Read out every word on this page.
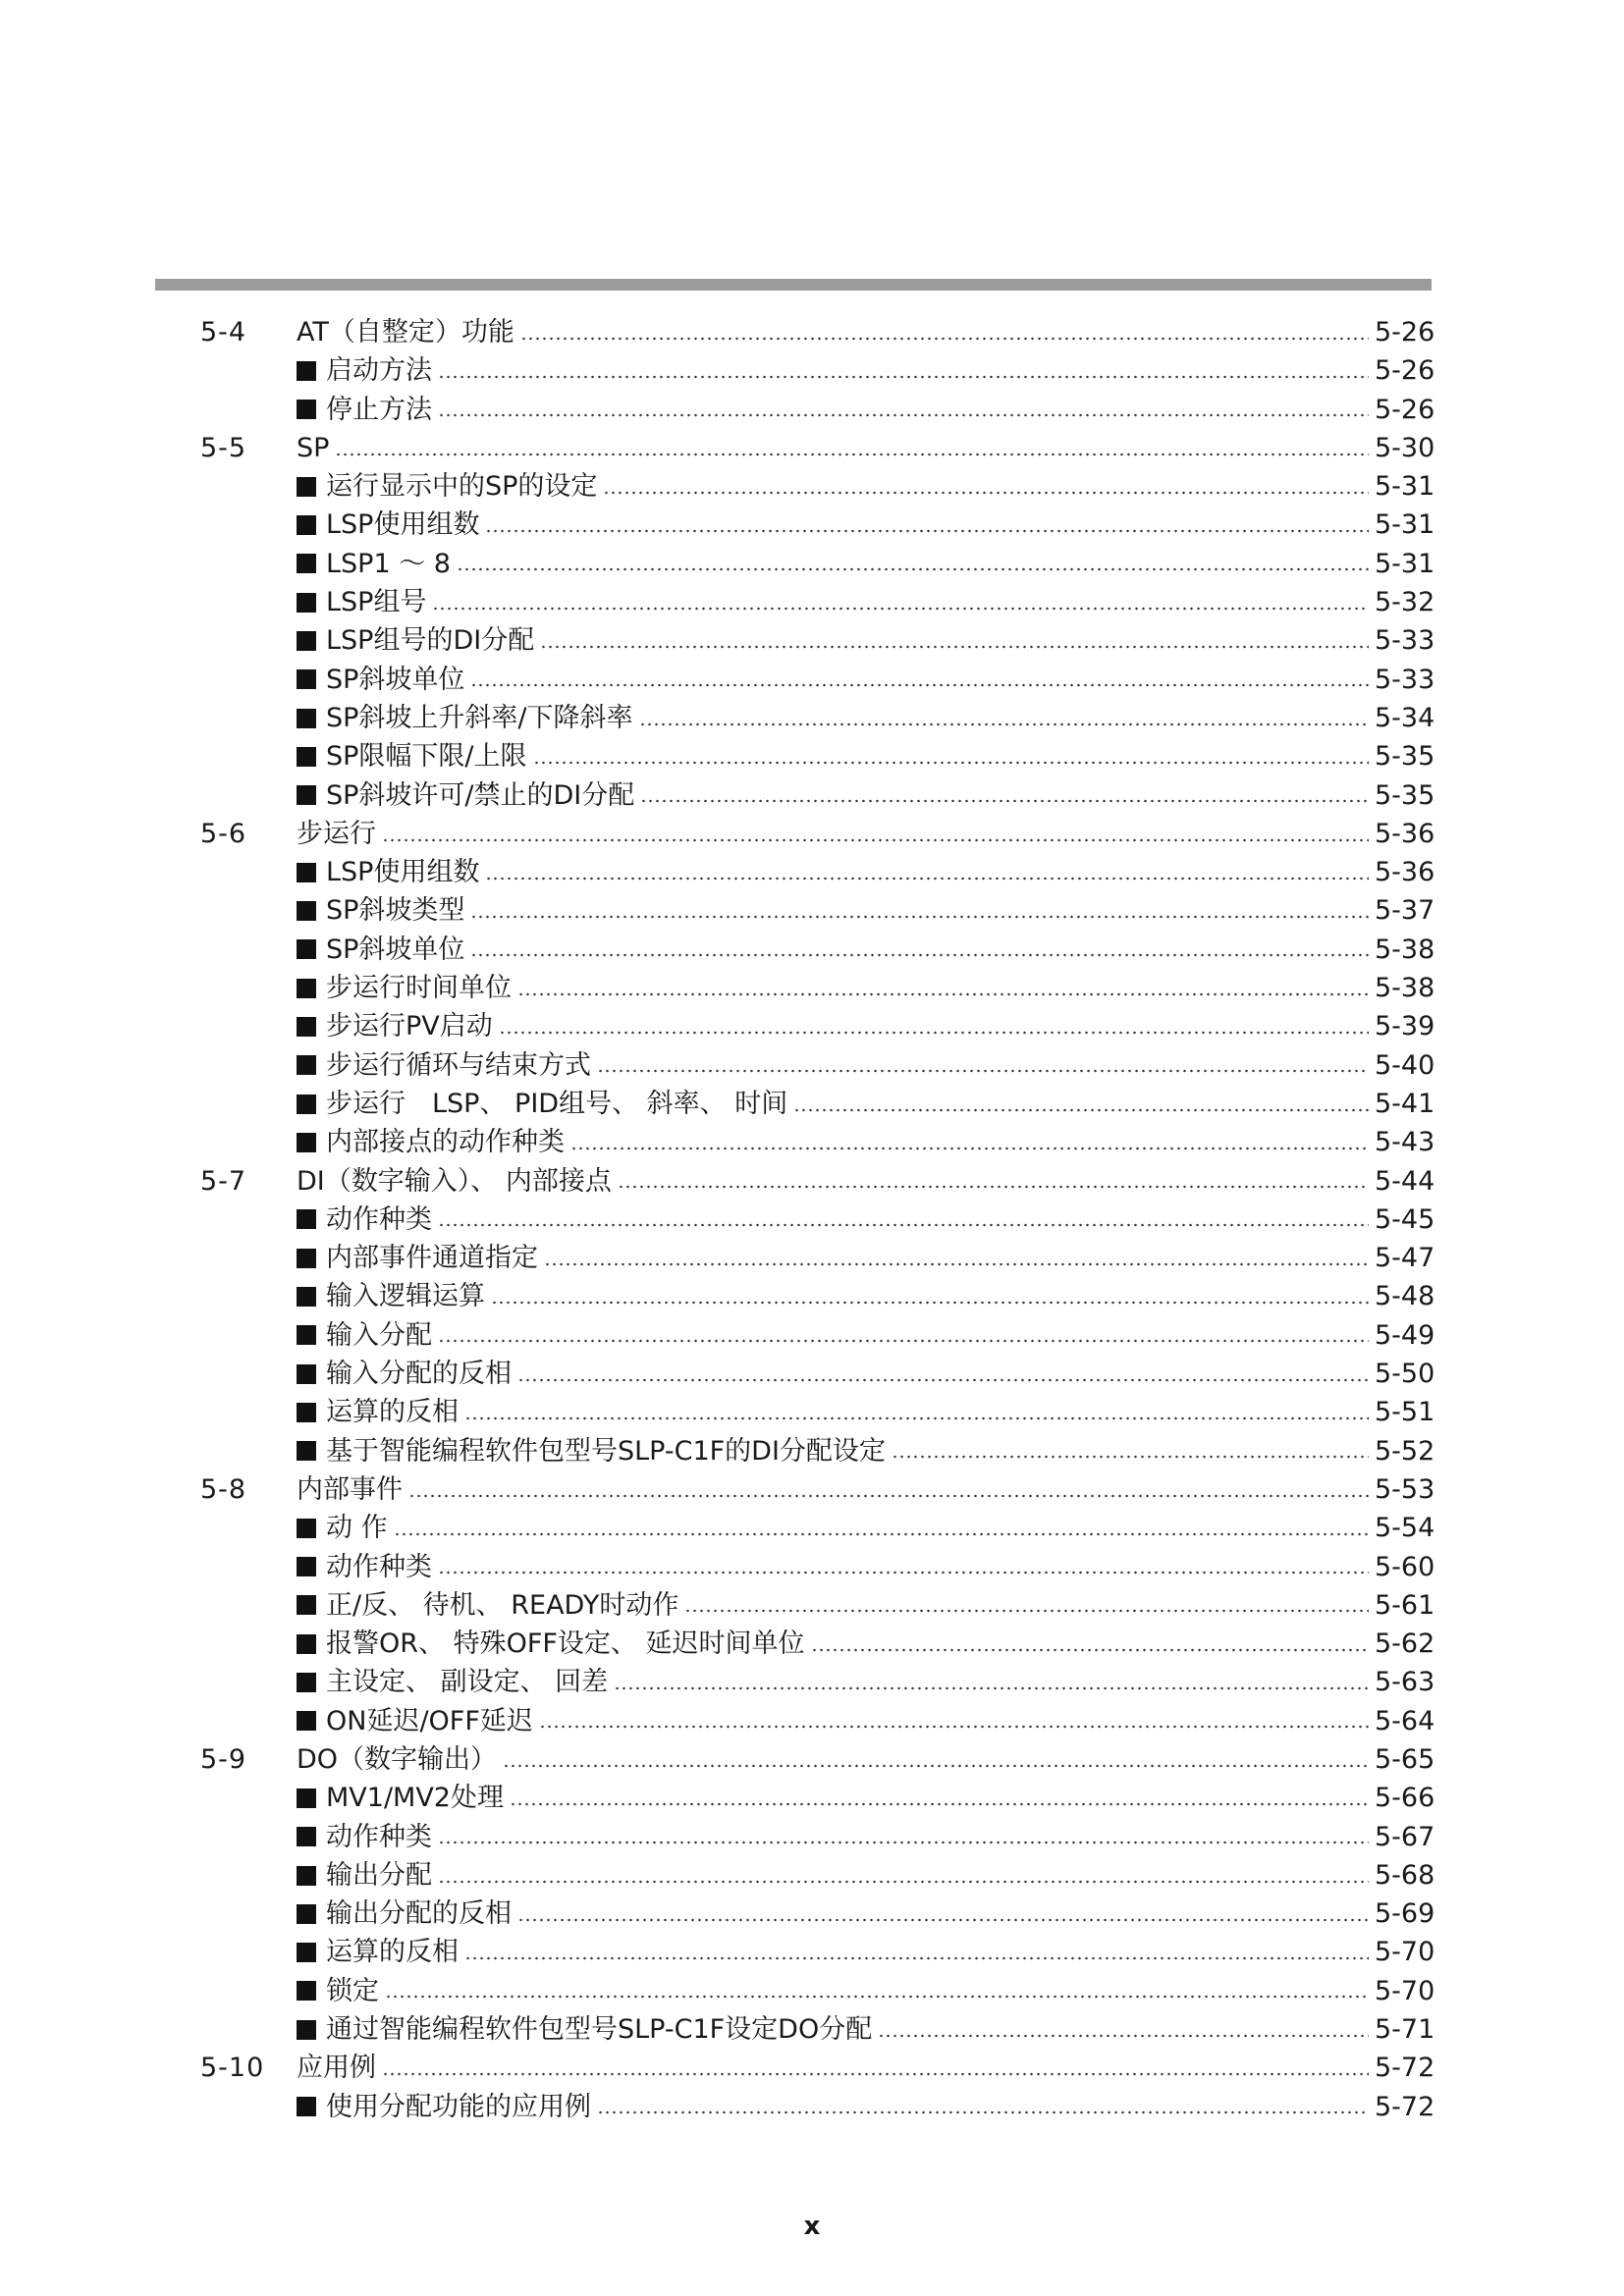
5-4 AT（自整定）功能	5-26
启动方法	5-26
停止方法	5-26
5-5 SP	5-30
运行显示中的SP的设定	5-31
LSP使用组数	5-31
LSP1 ～ 8	5-31
LSP组号	5-32
LSP组号的DI分配	5-33
SP斜坡单位	5-33
SP斜坡上升斜率/下降斜率	5-34
SP限幅下限/上限	5-35
SP斜坡许可/禁止的DI分配	5-35
5-6 步运行	5-36
LSP使用组数	5-36
SP斜坡类型	5-37
SP斜坡单位	5-38
步运行时间单位	5-38
步运行PV启动	5-39
步运行循环与结束方式	5-40
步运行　LSP、 PID组号、 斜率、 时间	5-41
内部接点的动作种类	5-43
5-7 DI（数字输入）、 内部接点	5-44
动作种类	5-45
内部事件通道指定	5-47
输入逻辑运算	5-48
输入分配	5-49
输入分配的反相	5-50
运算的反相	5-51
基于智能编程软件包型号SLP-C1F的DI分配设定	5-52
5-8 内部事件	5-53
动 作	5-54
动作种类	5-60
正/反、 待机、 READY时动作	5-61
报警OR、 特殊OFF设定、 延迟时间单位	5-62
主设定、 副设定、 回差	5-63
ON延迟/OFF延迟	5-64
5-9 DO（数字输出）	5-65
MV1/MV2处理	5-66
动作种类	5-67
输出分配	5-68
输出分配的反相	5-69
运算的反相	5-70
锁定	5-70
通过智能编程软件包型号SLP-C1F设定DO分配	5-71
5-10 应用例	5-72
使用分配功能的应用例	5-72
x
